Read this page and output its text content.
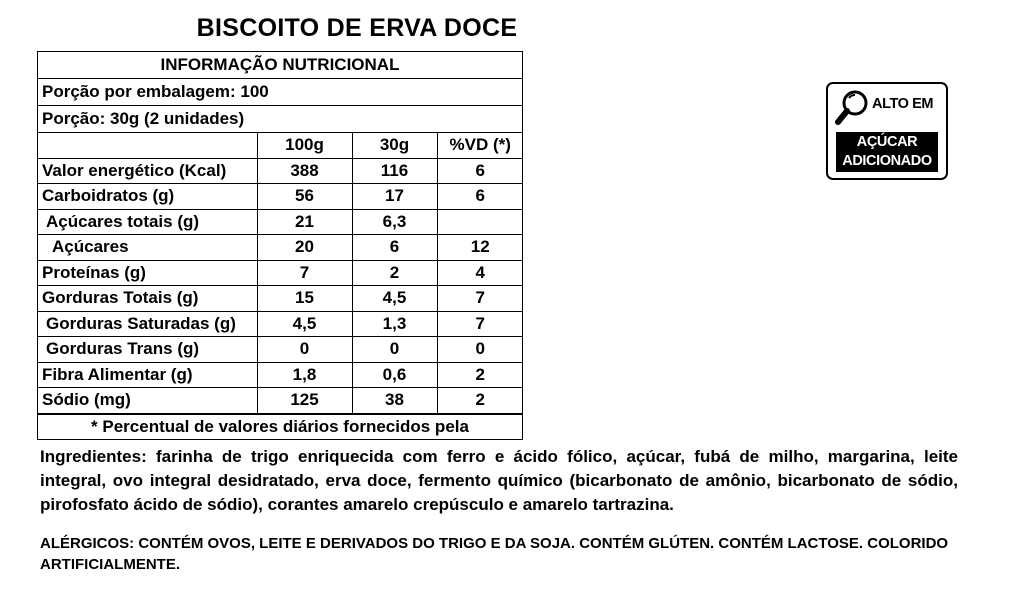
BISCOITO DE ERVA DOCE
INFORMAÇÃO NUTRICIONAL
Porção por embalagem: 100
Porção: 30g (2 unidades)
	100g	30g	%VD (*)
Valor energético (Kcal)	388	116	6
Carboidratos (g)	56	17	6
Açúcares totais (g)	21	6,3	
Açúcares	20	6	12
Proteínas (g)	7	2	4
Gorduras Totais (g)	15	4,5	7
Gorduras Saturadas (g)	4,5	1,3	7
Gorduras Trans (g)	0	0	0
Fibra Alimentar (g)	1,8	0,6	2
Sódio (mg)	125	38	2
* Percentual de valores diários fornecidos pela
Ingredientes: farinha de trigo enriquecida com ferro e ácido fólico, açúcar, fubá de milho, margarina, leite integral, ovo integral desidratado, erva doce, fermento químico (bicarbonato de amônio, bicarbonato de sódio, pirofosfato ácido de sódio), corantes amarelo crepúsculo e amarelo tartrazina.
ALÉRGICOS: CONTÉM OVOS, LEITE E DERIVADOS DO TRIGO E DA SOJA. CONTÉM GLÚTEN. CONTÉM LACTOSE. COLORIDO ARTIFICIALMENTE.
ALTO EM
AÇÚCAR
ADICIONADO
